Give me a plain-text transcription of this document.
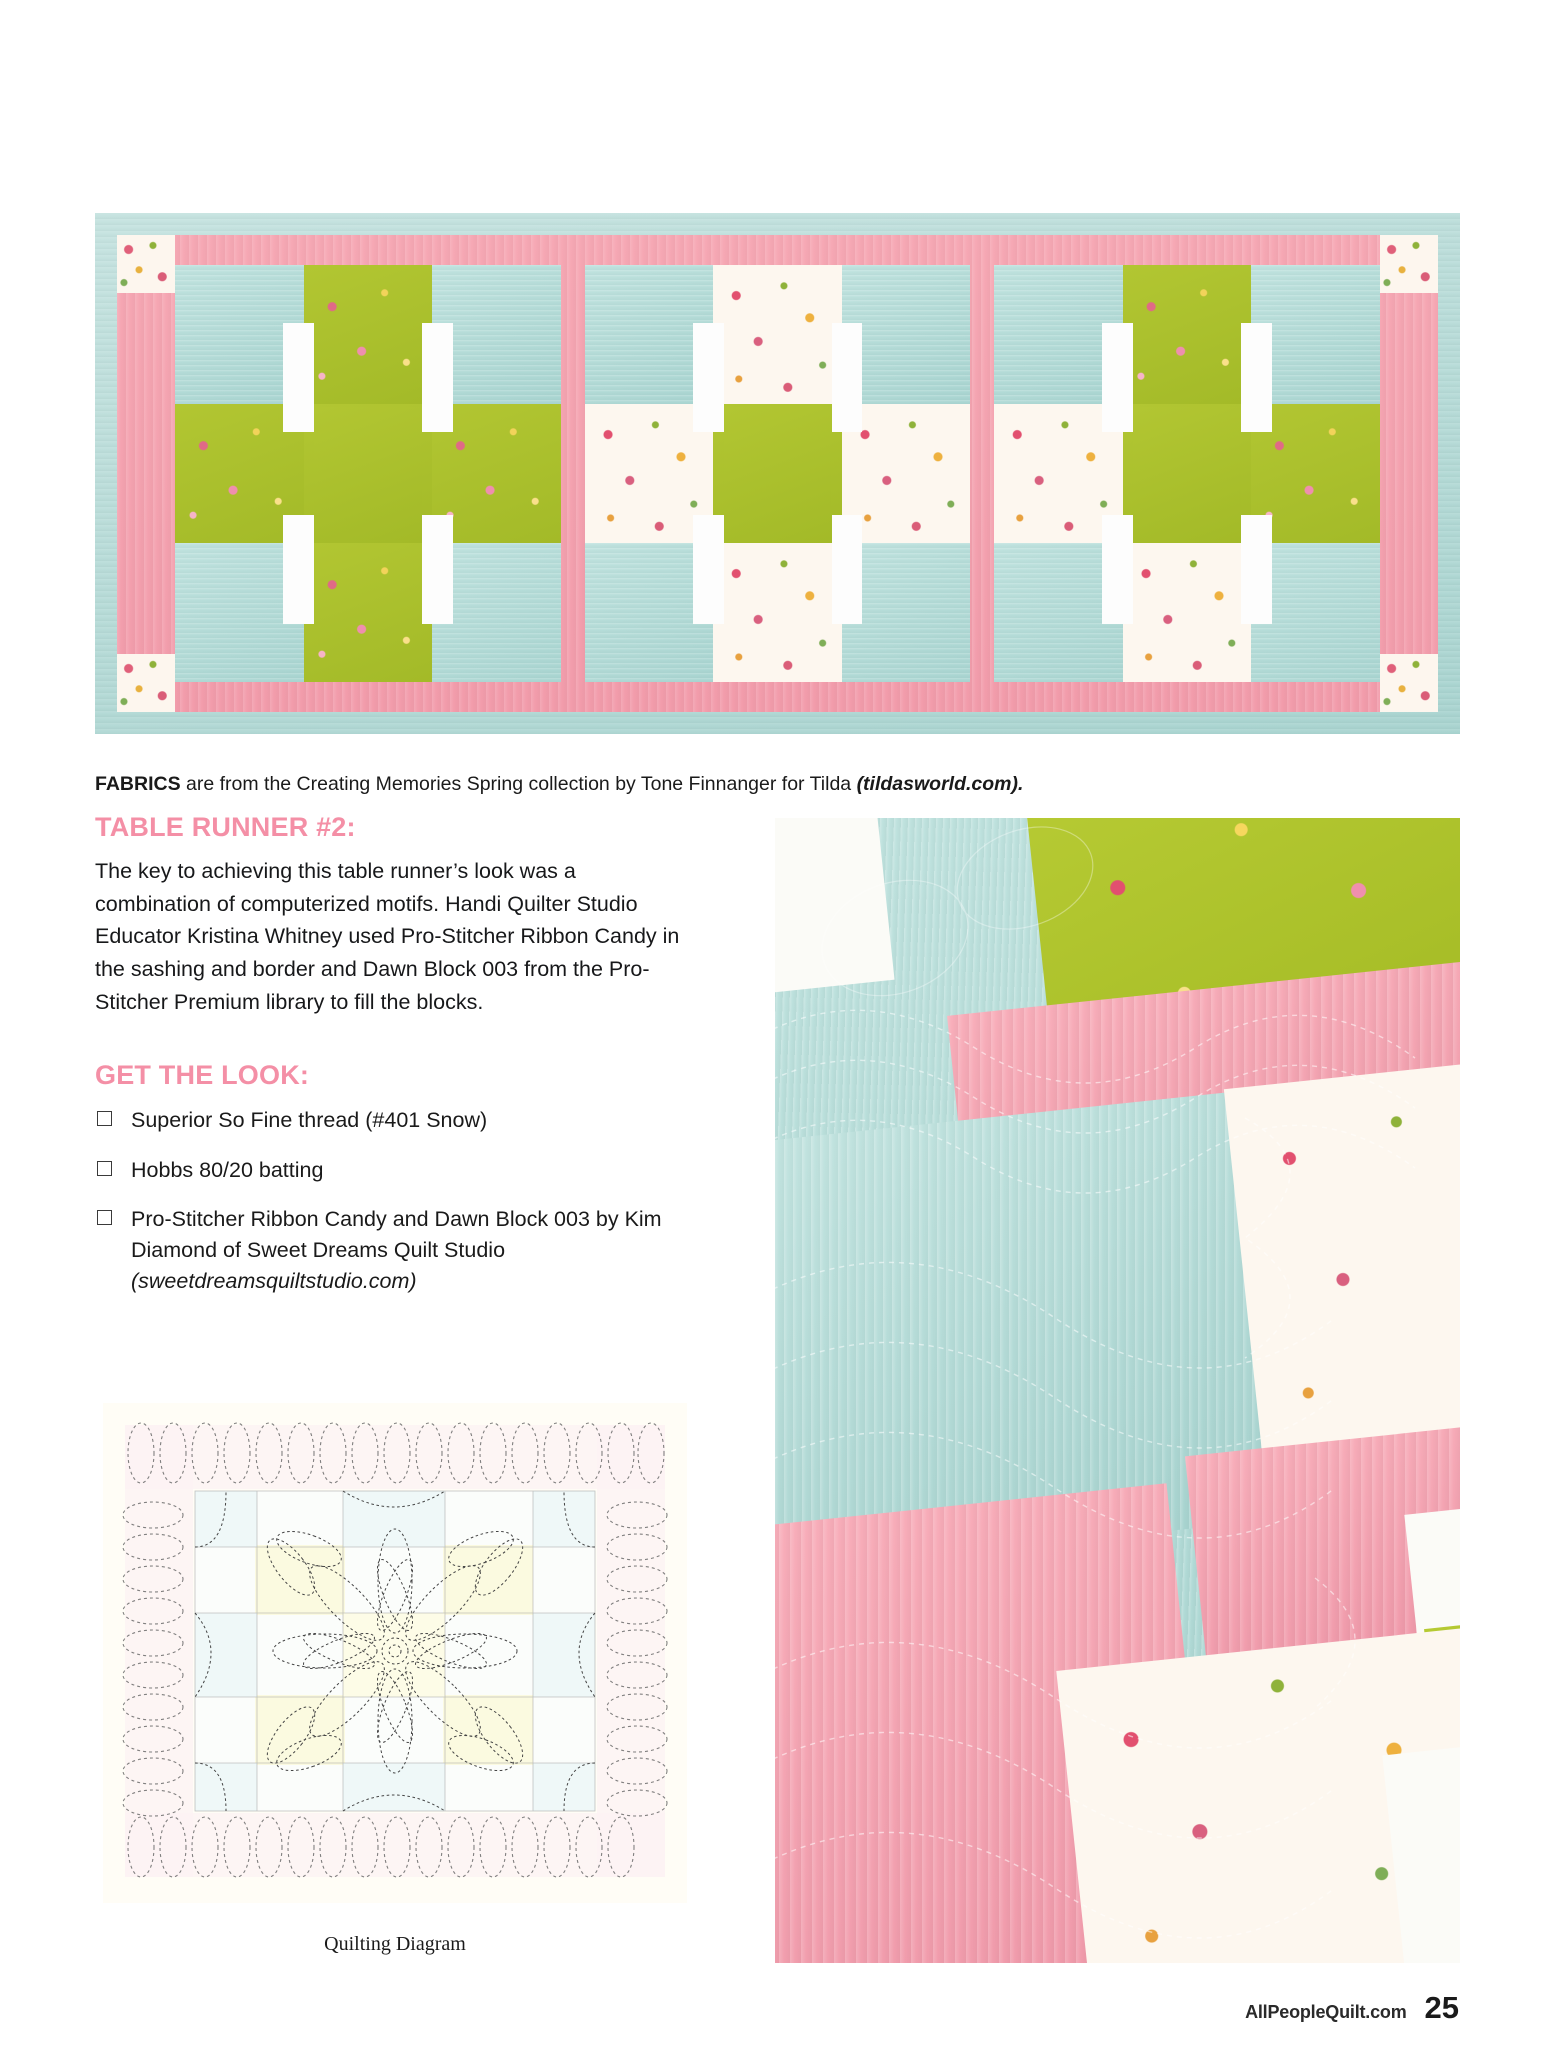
FABRICS are from the Creating Memories Spring collection by Tone Finnanger for Tilda (tildasworld.com).

TABLE RUNNER #2:

The key to achieving this table runner’s look was a combination of computerized motifs. Handi Quilter Studio Educator Kristina Whitney used Pro-Stitcher Ribbon Candy in the sashing and border and Dawn Block 003 from the Pro-Stitcher Premium library to fill the blocks.

GET THE LOOK:
Superior So Fine thread (#401 Snow)
Hobbs 80/20 batting
Pro-Stitcher Ribbon Candy and Dawn Block 003 by Kim Diamond of Sweet Dreams Quilt Studio (sweetdreamsquiltstudio.com)
Quilting Diagram
AllPeopleQuilt.com 25
